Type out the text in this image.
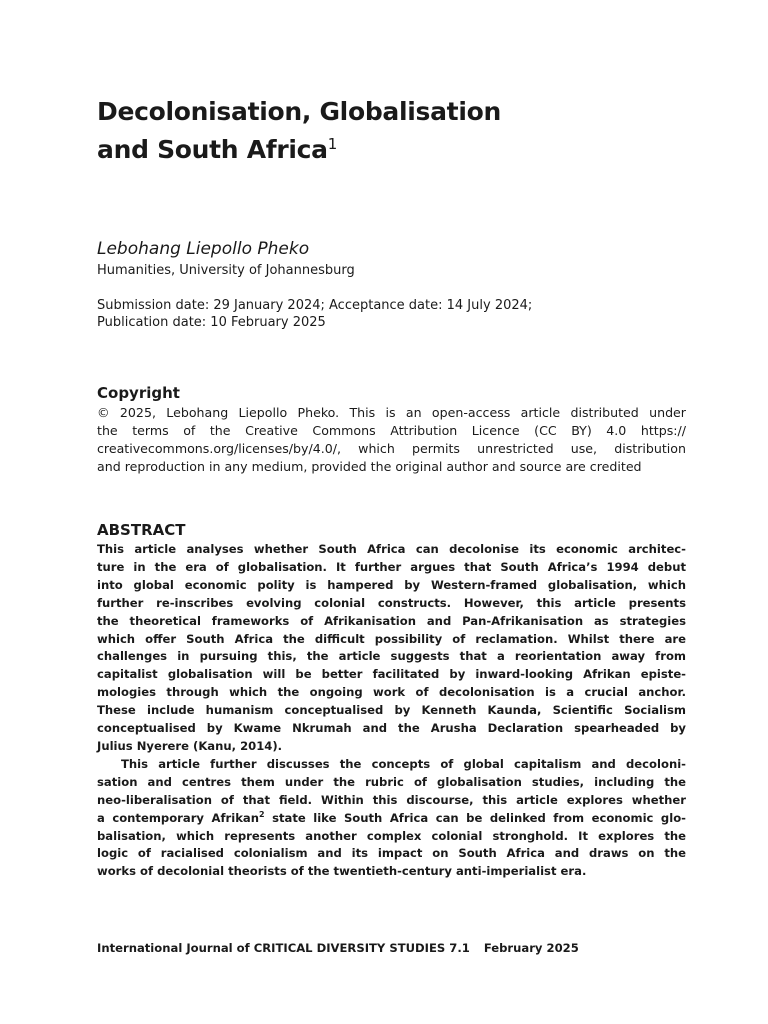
Decolonisation, Globalisation
and South Africa$^1$

Lebohang Liepollo Pheko

Humanities, University of Johannesburg

Submission date: 29 January 2024; Acceptance date: 14 July 2024;
Publication date: 10 February 2025

Copyright

© 2025, Lebohang Liepollo Pheko. This is an open-access article distributed under
the terms of the Creative Commons Attribution Licence (CC BY) 4.0 https://
creativecommons.org/licenses/by/4.0/, which permits unrestricted use, distribution
and reproduction in any medium, provided the original author and source are credited

ABSTRACT
This article analyses whether South Africa can decolonise its economic architec-
ture in the era of globalisation. It further argues that South Africa’s 1994 debut
into global economic polity is hampered by Western-framed globalisation, which
further re-inscribes evolving colonial constructs. However, this article presents
the theoretical frameworks of Afrikanisation and Pan-Afrikanisation as strategies
which offer South Africa the difficult possibility of reclamation. Whilst there are
challenges in pursuing this, the article suggests that a reorientation away from
capitalist globalisation will be better facilitated by inward-looking Afrikan episte-
mologies through which the ongoing work of decolonisation is a crucial anchor.
These include humanism conceptualised by Kenneth Kaunda, Scientific Socialism
conceptualised by Kwame Nkrumah and the Arusha Declaration spearheaded by
Julius Nyerere (Kanu, 2014).
This article further discusses the concepts of global capitalism and decoloni-
sation and centres them under the rubric of globalisation studies, including the
neo-liberalisation of that field. Within this discourse, this article explores whether
a contemporary Afrikan$^2$ state like South Africa can be delinked from economic glo-
balisation, which represents another complex colonial stronghold. It explores the
logic of racialised colonialism and its impact on South Africa and draws on the
works of decolonial theorists of the twentieth-century anti-imperialist era.

International Journal of CRITICAL DIVERSITY STUDIES 7.1 February 2025
